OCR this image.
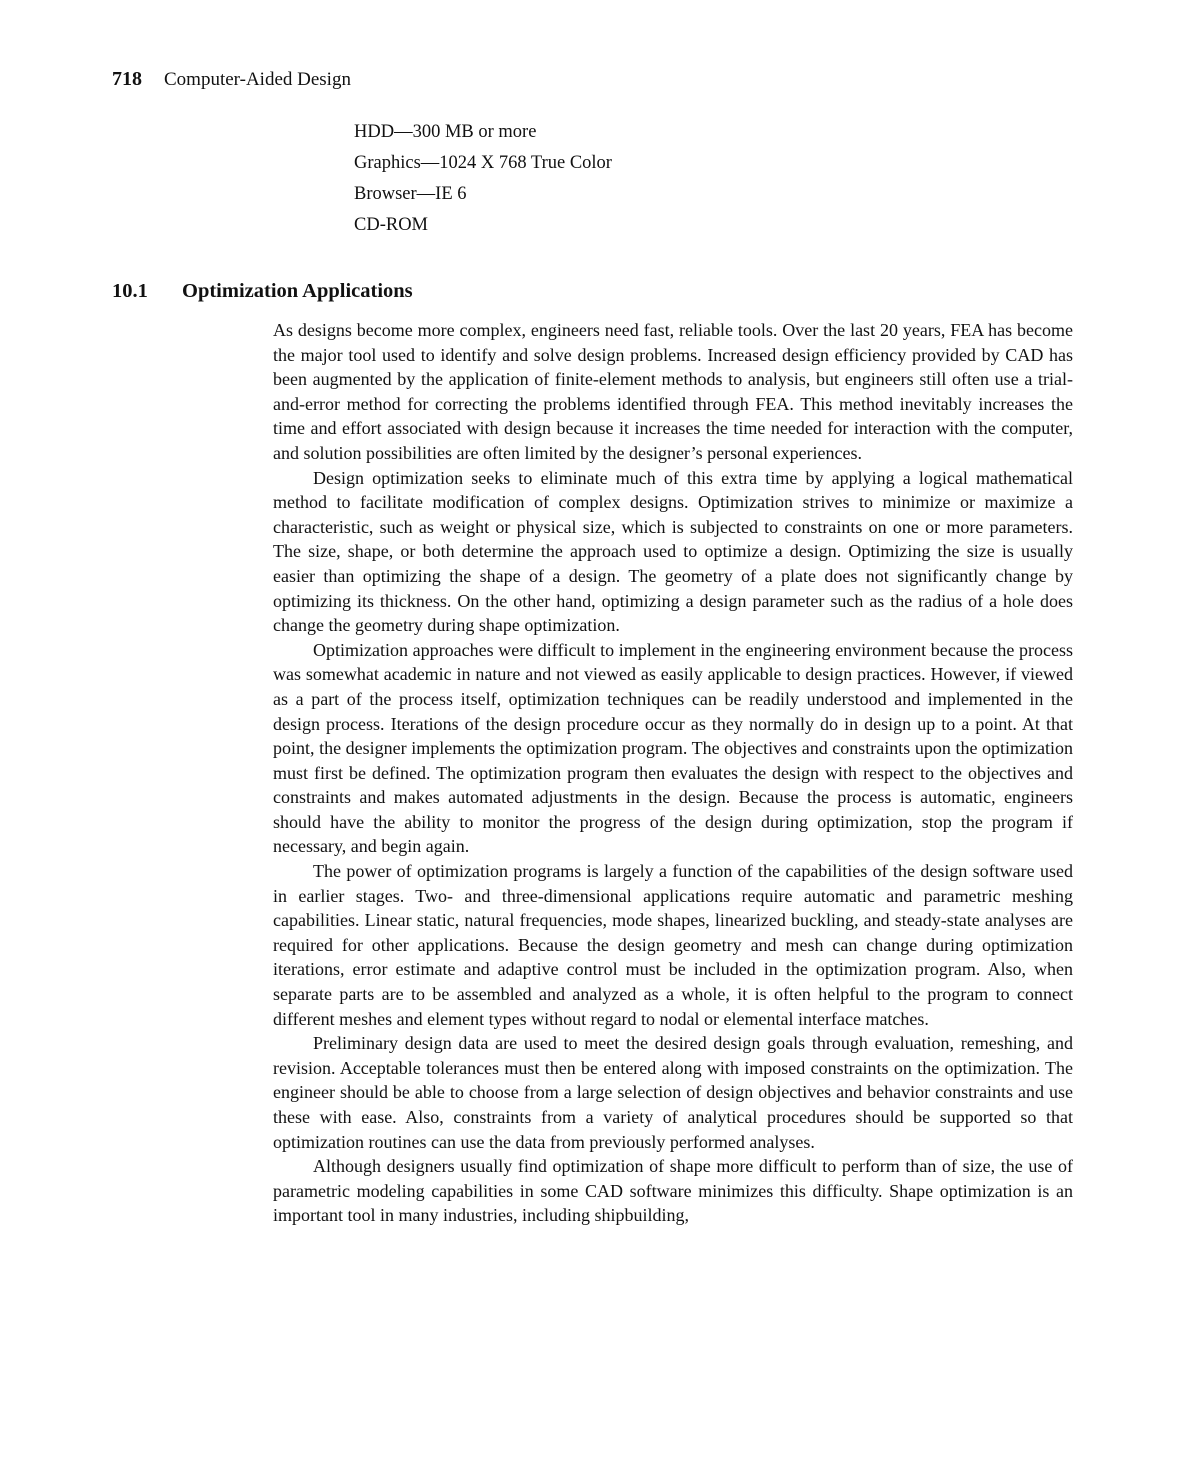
718 Computer-Aided Design
HDD—300 MB or more
Graphics—1024 X 768 True Color
Browser—IE 6
CD-ROM
10.1 Optimization Applications

As designs become more complex, engineers need fast, reliable tools. Over the last 20 years, FEA has become the major tool used to identify and solve design problems. Increased design efficiency provided by CAD has been augmented by the application of finite-element methods to analysis, but engineers still often use a trial-and-error method for correcting the problems identified through FEA. This method inevitably increases the time and effort associated with design because it increases the time needed for interaction with the computer, and solution possibilities are often limited by the designer’s personal experiences.

Design optimization seeks to eliminate much of this extra time by applying a logical mathematical method to facilitate modification of complex designs. Optimization strives to minimize or maximize a characteristic, such as weight or physical size, which is subjected to constraints on one or more parameters. The size, shape, or both determine the approach used to optimize a design. Optimizing the size is usually easier than optimizing the shape of a design. The geometry of a plate does not significantly change by optimizing its thickness. On the other hand, optimizing a design parameter such as the radius of a hole does change the geometry during shape optimization.

Optimization approaches were difficult to implement in the engineering environment because the process was somewhat academic in nature and not viewed as easily applicable to design practices. However, if viewed as a part of the process itself, optimization techniques can be readily understood and implemented in the design process. Iterations of the design procedure occur as they normally do in design up to a point. At that point, the designer implements the optimization program. The objectives and constraints upon the optimization must first be defined. The optimization program then evaluates the design with respect to the objectives and constraints and makes automated adjustments in the design. Because the process is automatic, engineers should have the ability to monitor the progress of the design during optimization, stop the program if necessary, and begin again.

The power of optimization programs is largely a function of the capabilities of the design software used in earlier stages. Two- and three-dimensional applications require automatic and parametric meshing capabilities. Linear static, natural frequencies, mode shapes, linearized buckling, and steady-state analyses are required for other applications. Because the design geometry and mesh can change during optimization iterations, error estimate and adaptive control must be included in the optimization program. Also, when separate parts are to be assembled and analyzed as a whole, it is often helpful to the program to connect different meshes and element types without regard to nodal or elemental interface matches.

Preliminary design data are used to meet the desired design goals through evaluation, remeshing, and revision. Acceptable tolerances must then be entered along with imposed constraints on the optimization. The engineer should be able to choose from a large selection of design objectives and behavior constraints and use these with ease. Also, constraints from a variety of analytical procedures should be supported so that optimization routines can use the data from previously performed analyses.

Although designers usually find optimization of shape more difficult to perform than of size, the use of parametric modeling capabilities in some CAD software minimizes this difficulty. Shape optimization is an important tool in many industries, including shipbuilding,
